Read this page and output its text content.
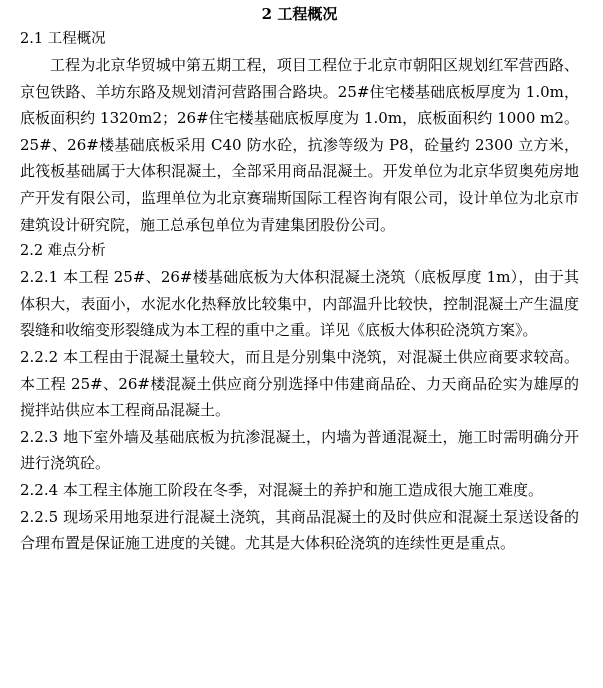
2 工程概况
2.1 工程概况
工程为北京华贸城中第五期工程，项目工程位于北京市朝阳区规划红军营西路、京包铁路、羊坊东路及规划清河营路围合路块。25#住宅楼基础底板厚度为 1.0m，底板面积约 1320m2；26#住宅楼基础底板厚度为 1.0m，底板面积约 1000 m2。25#、26#楼基础底板采用 C40 防水砼，抗渗等级为 P8，砼量约 2300 立方米，此筏板基础属于大体积混凝土，全部采用商品混凝土。开发单位为北京华贸奥苑房地产开发有限公司，监理单位为北京赛瑞斯国际工程咨询有限公司，设计单位为北京市建筑设计研究院，施工总承包单位为青建集团股份公司。
2.2 难点分析
2.2.1 本工程 25#、26#楼基础底板为大体积混凝土浇筑（底板厚度 1m），由于其体积大，表面小，水泥水化热释放比较集中，内部温升比较快，控制混凝土产生温度裂缝和收缩变形裂缝成为本工程的重中之重。详见《底板大体积砼浇筑方案》。
2.2.2 本工程由于混凝土量较大，而且是分别集中浇筑，对混凝土供应商要求较高。本工程 25#、26#楼混凝土供应商分别选择中伟建商品砼、力天商品砼实为雄厚的搅拌站供应本工程商品混凝土。
2.2.3 地下室外墙及基础底板为抗渗混凝土，内墙为普通混凝土，施工时需明确分开进行浇筑砼。
2.2.4 本工程主体施工阶段在冬季，对混凝土的养护和施工造成很大施工难度。
2.2.5 现场采用地泵进行混凝土浇筑，其商品混凝土的及时供应和混凝土泵送设备的合理布置是保证施工进度的关键。尤其是大体积砼浇筑的连续性更是重点。
